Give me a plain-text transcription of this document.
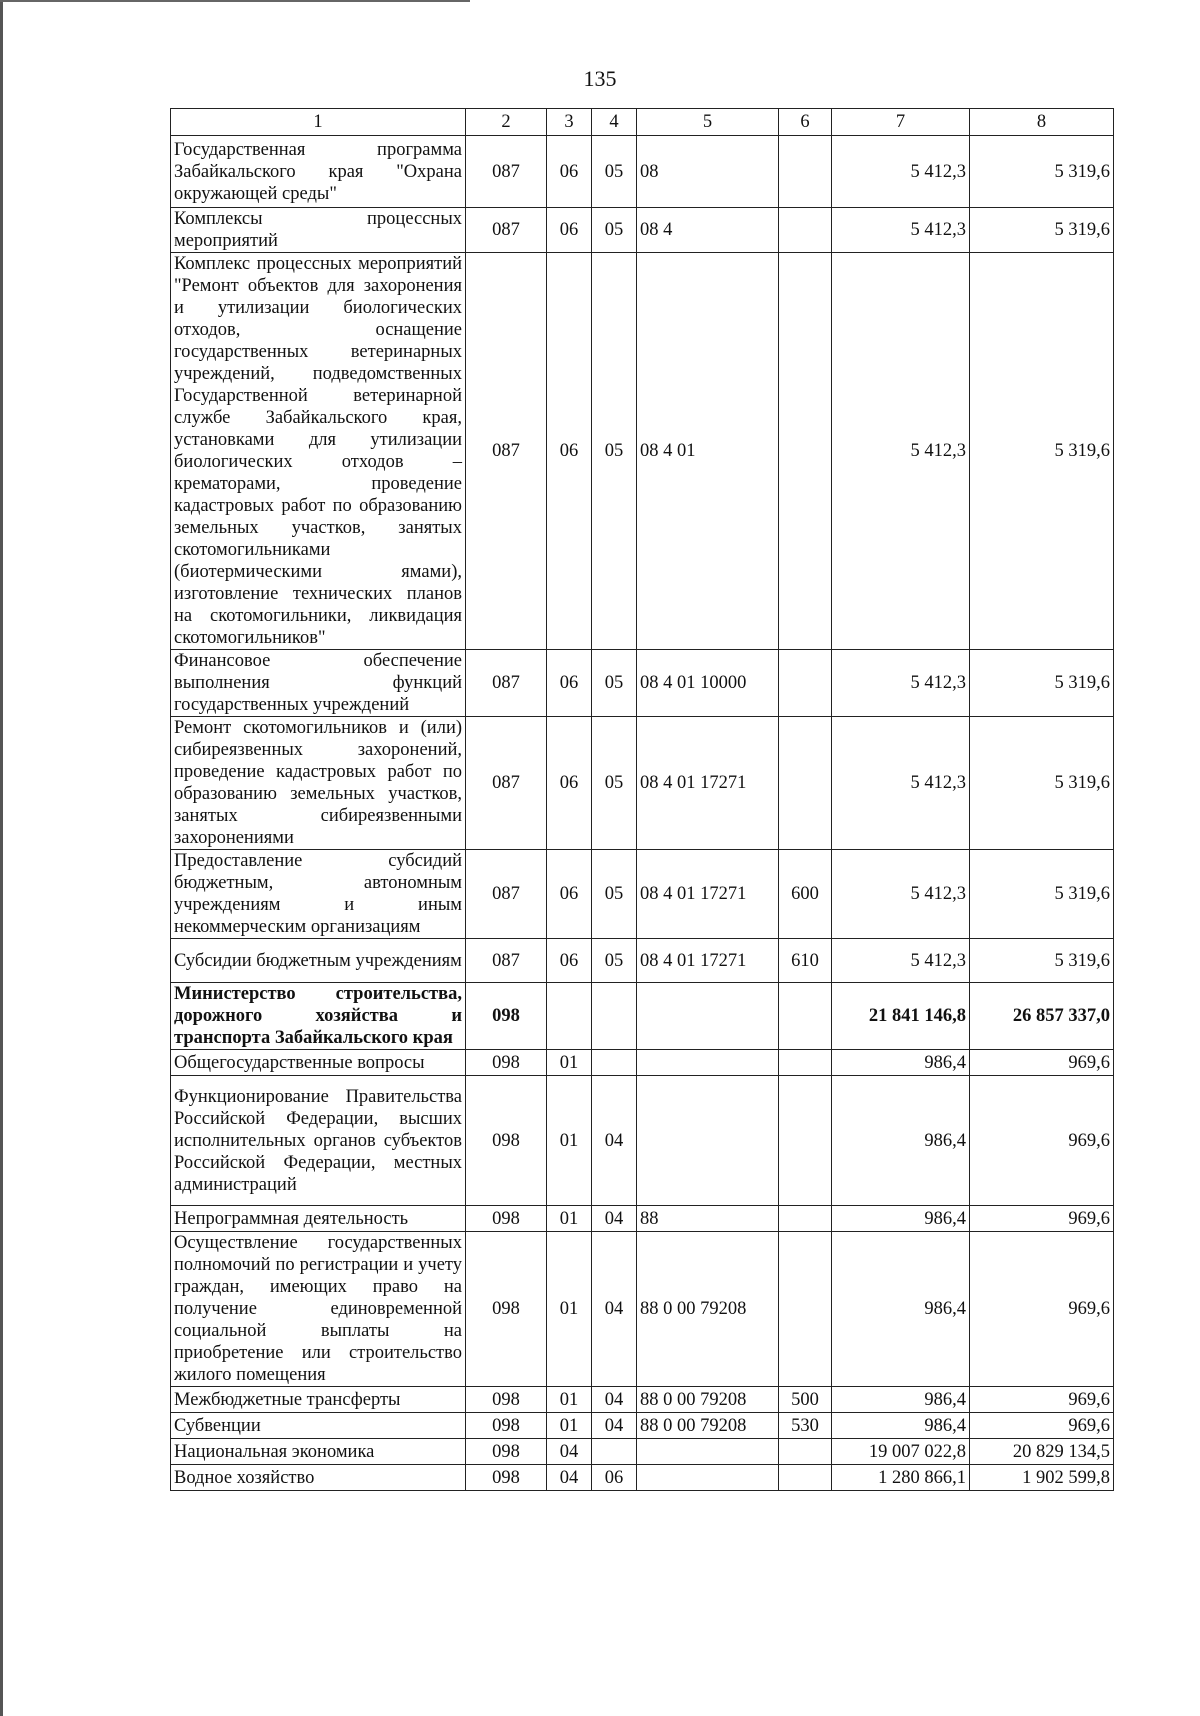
135
1	2	3	4	5	6	7	8
Государственная программа Забайкальского края "Охрана окружающей среды"	087	06	05	08		5 412,3	5 319,6
Комплексы процессных мероприятий	087	06	05	08 4		5 412,3	5 319,6
Комплекс процессных мероприятий "Ремонт объектов для захоронения и утилизации биологических отходов, оснащение государственных ветеринарных учреждений, подведомственных Государственной ветеринарной службе Забайкальского края, установками для утилизации биологических отходов – крематорами, проведение кадастровых работ по образованию земельных участков, занятых скотомогильниками (биотермическими ямами), изготовление технических планов на скотомогильники, ликвидация скотомогильников"	087	06	05	08 4 01		5 412,3	5 319,6
Финансовое обеспечение выполнения функций государственных учреждений	087	06	05	08 4 01 10000		5 412,3	5 319,6
Ремонт скотомогильников и (или) сибиреязвенных захоронений, проведение кадастровых работ по образованию земельных участков, занятых сибиреязвенными захоронениями	087	06	05	08 4 01 17271		5 412,3	5 319,6
Предоставление субсидий бюджетным, автономным учреждениям и иным некоммерческим организациям	087	06	05	08 4 01 17271	600	5 412,3	5 319,6
Субсидии бюджетным учреждениям	087	06	05	08 4 01 17271	610	5 412,3	5 319,6
Министерство строительства, дорожного хозяйства и транспорта Забайкальского края	098					21 841 146,8	26 857 337,0
Общегосударственные вопросы	098	01				986,4	969,6
Функционирование Правительства Российской Федерации, высших исполнительных органов субъектов Российской Федерации, местных администраций	098	01	04			986,4	969,6
Непрограммная деятельность	098	01	04	88		986,4	969,6
Осуществление государственных полномочий по регистрации и учету граждан, имеющих право на получение единовременной социальной выплаты на приобретение или строительство жилого помещения	098	01	04	88 0 00 79208		986,4	969,6
Межбюджетные трансферты	098	01	04	88 0 00 79208	500	986,4	969,6
Субвенции	098	01	04	88 0 00 79208	530	986,4	969,6
Национальная экономика	098	04				19 007 022,8	20 829 134,5
Водное хозяйство	098	04	06			1 280 866,1	1 902 599,8
